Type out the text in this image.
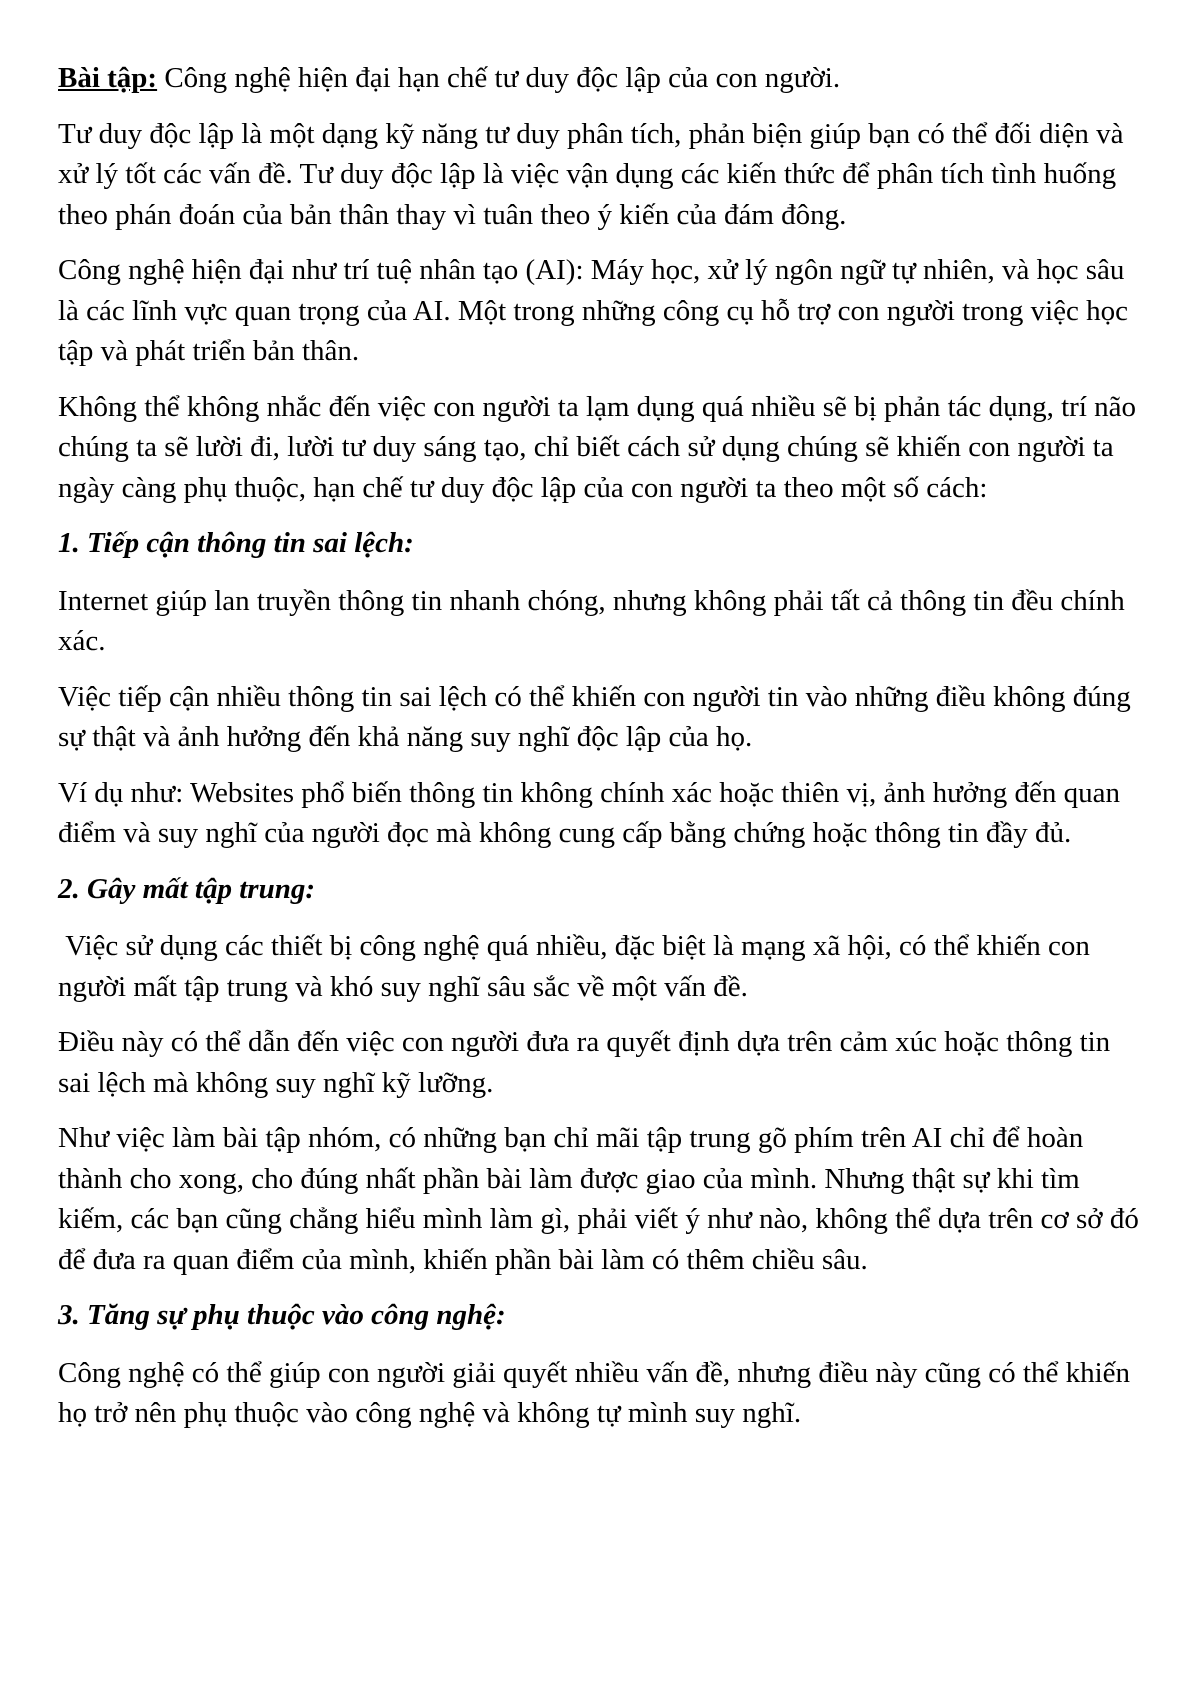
Bài tập: Công nghệ hiện đại hạn chế tư duy độc lập của con người.

Tư duy độc lập là một dạng kỹ năng tư duy phân tích, phản biện giúp bạn có thể đối diện và xử lý tốt các vấn đề. Tư duy độc lập là việc vận dụng các kiến thức để phân tích tình huống theo phán đoán của bản thân thay vì tuân theo ý kiến của đám đông.

Công nghệ hiện đại như trí tuệ nhân tạo (AI): Máy học, xử lý ngôn ngữ tự nhiên, và học sâu là các lĩnh vực quan trọng của AI. Một trong những công cụ hỗ trợ con người trong việc học tập và phát triển bản thân.

Không thể không nhắc đến việc con người ta lạm dụng quá nhiều sẽ bị phản tác dụng, trí não chúng ta sẽ lười đi, lười tư duy sáng tạo, chỉ biết cách sử dụng chúng sẽ khiến con người ta ngày càng phụ thuộc, hạn chế tư duy độc lập của con người ta theo một số cách:

1. Tiếp cận thông tin sai lệch:

Internet giúp lan truyền thông tin nhanh chóng, nhưng không phải tất cả thông tin đều chính xác.

Việc tiếp cận nhiều thông tin sai lệch có thể khiến con người tin vào những điều không đúng sự thật và ảnh hưởng đến khả năng suy nghĩ độc lập của họ.

Ví dụ như: Websites phổ biến thông tin không chính xác hoặc thiên vị, ảnh hưởng đến quan điểm và suy nghĩ của người đọc mà không cung cấp bằng chứng hoặc thông tin đầy đủ.

2. Gây mất tập trung:

Việc sử dụng các thiết bị công nghệ quá nhiều, đặc biệt là mạng xã hội, có thể khiến con người mất tập trung và khó suy nghĩ sâu sắc về một vấn đề.

Điều này có thể dẫn đến việc con người đưa ra quyết định dựa trên cảm xúc hoặc thông tin sai lệch mà không suy nghĩ kỹ lưỡng.

Như việc làm bài tập nhóm, có những bạn chỉ mãi tập trung gõ phím trên AI chỉ để hoàn thành cho xong, cho đúng nhất phần bài làm được giao của mình. Nhưng thật sự khi tìm kiếm, các bạn cũng chẳng hiểu mình làm gì, phải viết ý như nào, không thể dựa trên cơ sở đó để đưa ra quan điểm của mình, khiến phần bài làm có thêm chiều sâu.

3. Tăng sự phụ thuộc vào công nghệ:

Công nghệ có thể giúp con người giải quyết nhiều vấn đề, nhưng điều này cũng có thể khiến họ trở nên phụ thuộc vào công nghệ và không tự mình suy nghĩ.
